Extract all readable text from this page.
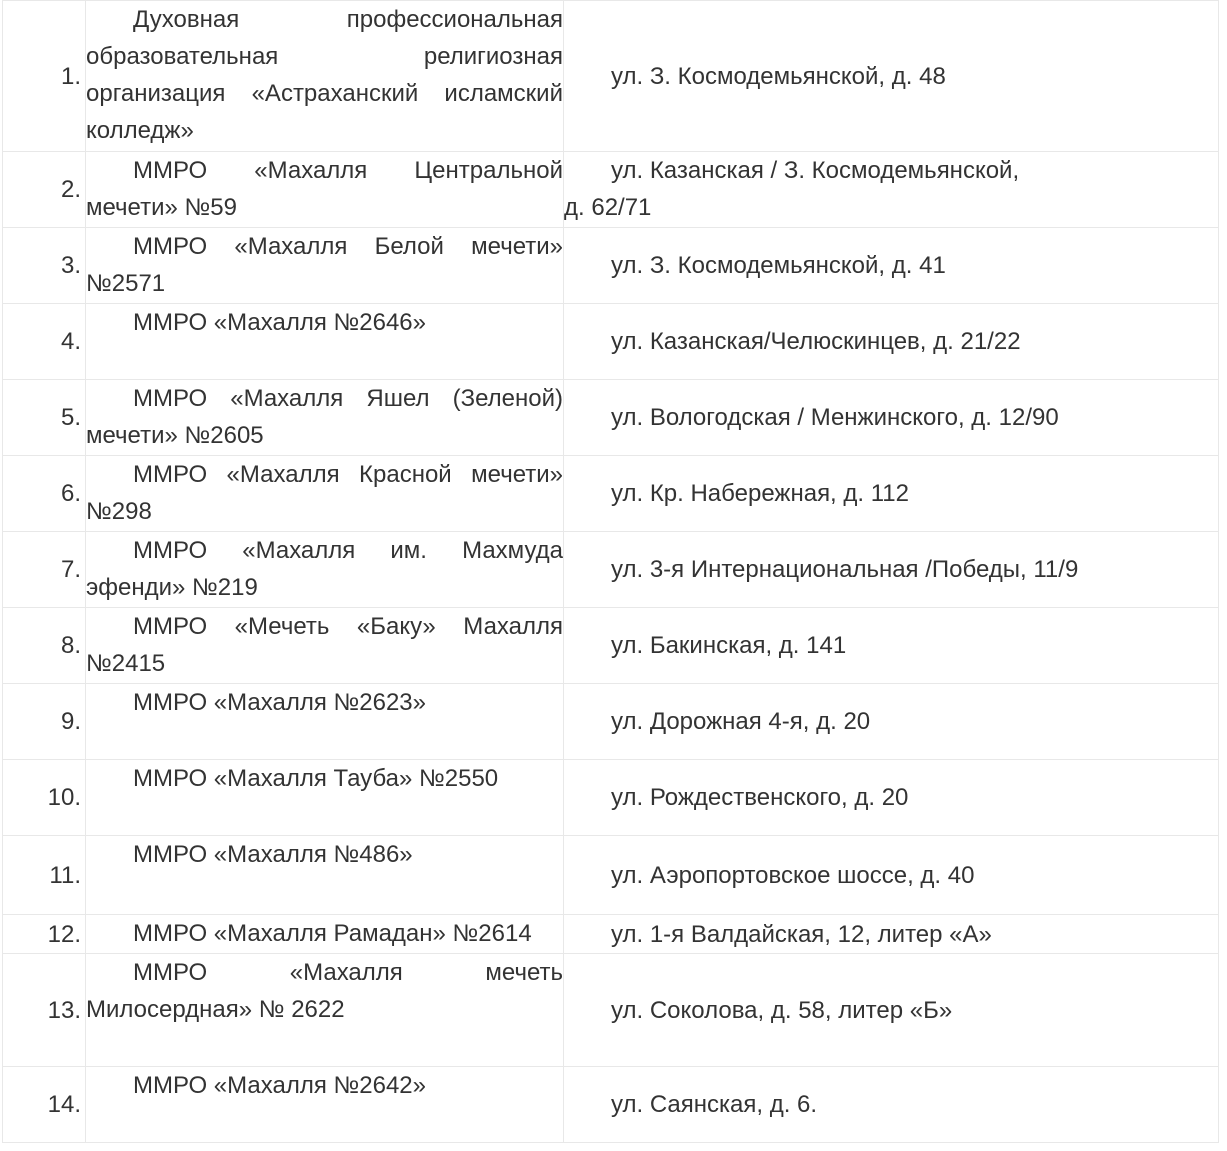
1.	Духовная профессиональная
образовательная религиозная
организация «Астраханский исламский
колледж»	ул. З. Космодемьянской, д. 48
2.	ММРО «Махалля Центральной
мечети» №59	ул. Казанская / З. Космодемьянской,
д. 62/71

3.	ММРО «Махалля Белой мечети»
№2571	ул. З. Космодемьянской, д. 41
4.	ММРО «Махалля №2646»	ул. Казанская/Челюскинцев, д. 21/22
5.	ММРО «Махалля Яшел (Зеленой)
мечети» №2605	ул. Вологодская / Менжинского, д. 12/90
6.	ММРО «Махалля Красной мечети»
№298	ул. Кр. Набережная, д. 112
7.	ММРО «Махалля им. Махмуда
эфенди» №219	ул. 3-я Интернациональная /Победы, 11/9
8.	ММРО «Мечеть «Баку» Махалля
№2415	ул. Бакинская, д. 141
9.	ММРО «Махалля №2623»	ул. Дорожная 4-я, д. 20
10.	ММРО «Махалля Тауба» №2550	ул. Рождественского, д. 20
11.	ММРО «Махалля №486»	ул. Аэропортовское шоссе, д. 40
12.	ММРО «Махалля Рамадан» №2614	ул. 1-я Валдайская, 12, литер «А»
13.	ММРО «Махалля мечеть
Милосердная» № 2622	ул. Соколова, д. 58, литер «Б»
14.	ММРО «Махалля №2642»	ул. Саянская, д. 6.
